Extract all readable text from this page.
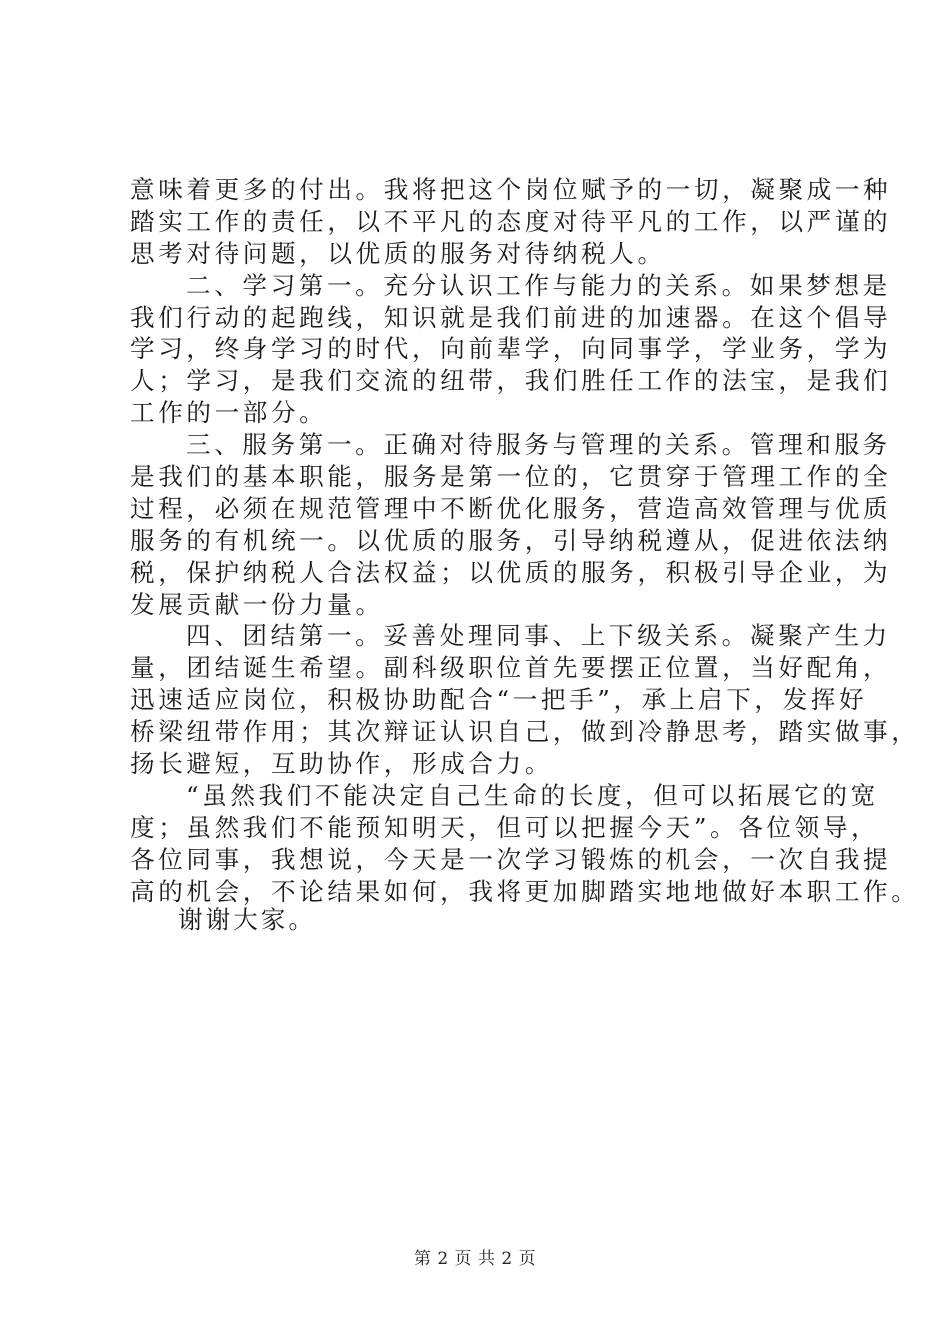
意味着更多的付出。我将把这个岗位赋予的一切，凝聚成一种
踏实工作的责任，以不平凡的态度对待平凡的工作，以严谨的
思考对待问题，以优质的服务对待纳税人。
二、学习第一。充分认识工作与能力的关系。如果梦想是
我们行动的起跑线，知识就是我们前进的加速器。在这个倡导
学习，终身学习的时代，向前辈学，向同事学，学业务，学为
人；学习，是我们交流的纽带，我们胜任工作的法宝，是我们
工作的一部分。
三、服务第一。正确对待服务与管理的关系。管理和服务
是我们的基本职能，服务是第一位的，它贯穿于管理工作的全
过程，必须在规范管理中不断优化服务，营造高效管理与优质
服务的有机统一。以优质的服务，引导纳税遵从，促进依法纳
税，保护纳税人合法权益；以优质的服务，积极引导企业，为
发展贡献一份力量。
四、团结第一。妥善处理同事、上下级关系。凝聚产生力
量，团结诞生希望。副科级职位首先要摆正位置，当好配角，
迅速适应岗位，积极协助配合“一把手”，承上启下，发挥好
桥梁纽带作用；其次辩证认识自己，做到冷静思考，踏实做事，
扬长避短，互助协作，形成合力。
“虽然我们不能决定自己生命的长度，但可以拓展它的宽
度；虽然我们不能预知明天，但可以把握今天”。各位领导，
各位同事，我想说，今天是一次学习锻炼的机会，一次自我提
高的机会，不论结果如何，我将更加脚踏实地地做好本职工作。
谢谢大家。
第 2 页 共 2 页
